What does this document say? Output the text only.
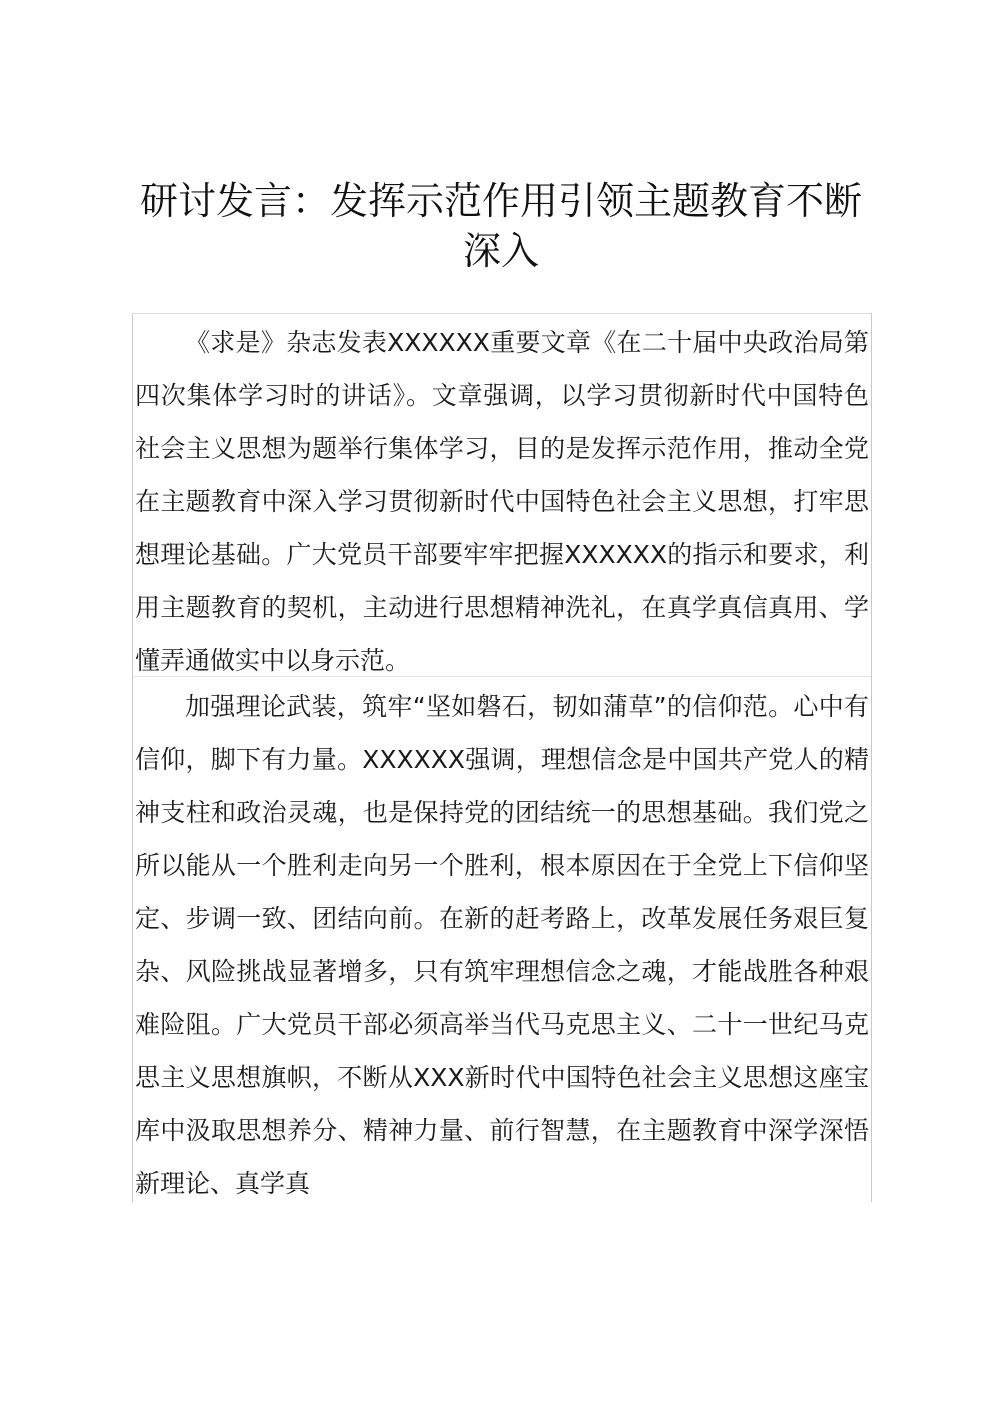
研讨发言：发挥示范作用引领主题教育不断深入

《求是》杂志发表XXXXXX重要文章《在二十届中央政治局第四次集体学习时的讲话》。文章强调，以学习贯彻新时代中国特色社会主义思想为题举行集体学习，目的是发挥示范作用，推动全党在主题教育中深入学习贯彻新时代中国特色社会主义思想，打牢思想理论基础。广大党员干部要牢牢把握XXXXXX的指示和要求，利用主题教育的契机，主动进行思想精神洗礼，在真学真信真用、学懂弄通做实中以身示范。

加强理论武装，筑牢“坚如磐石，韧如蒲草”的信仰范。心中有信仰，脚下有力量。XXXXXX强调，理想信念是中国共产党人的精神支柱和政治灵魂，也是保持党的团结统一的思想基础。我们党之所以能从一个胜利走向另一个胜利，根本原因在于全党上下信仰坚定、步调一致、团结向前。在新的赶考路上，改革发展任务艰巨复杂、风险挑战显著增多，只有筑牢理想信念之魂，才能战胜各种艰难险阻。广大党员干部必须高举当代马克思主义、二十一世纪马克思主义思想旗帜，不断从XXX新时代中国特色社会主义思想这座宝库中汲取思想养分、精神力量、前行智慧，在主题教育中深学深悟新理论、真学真
